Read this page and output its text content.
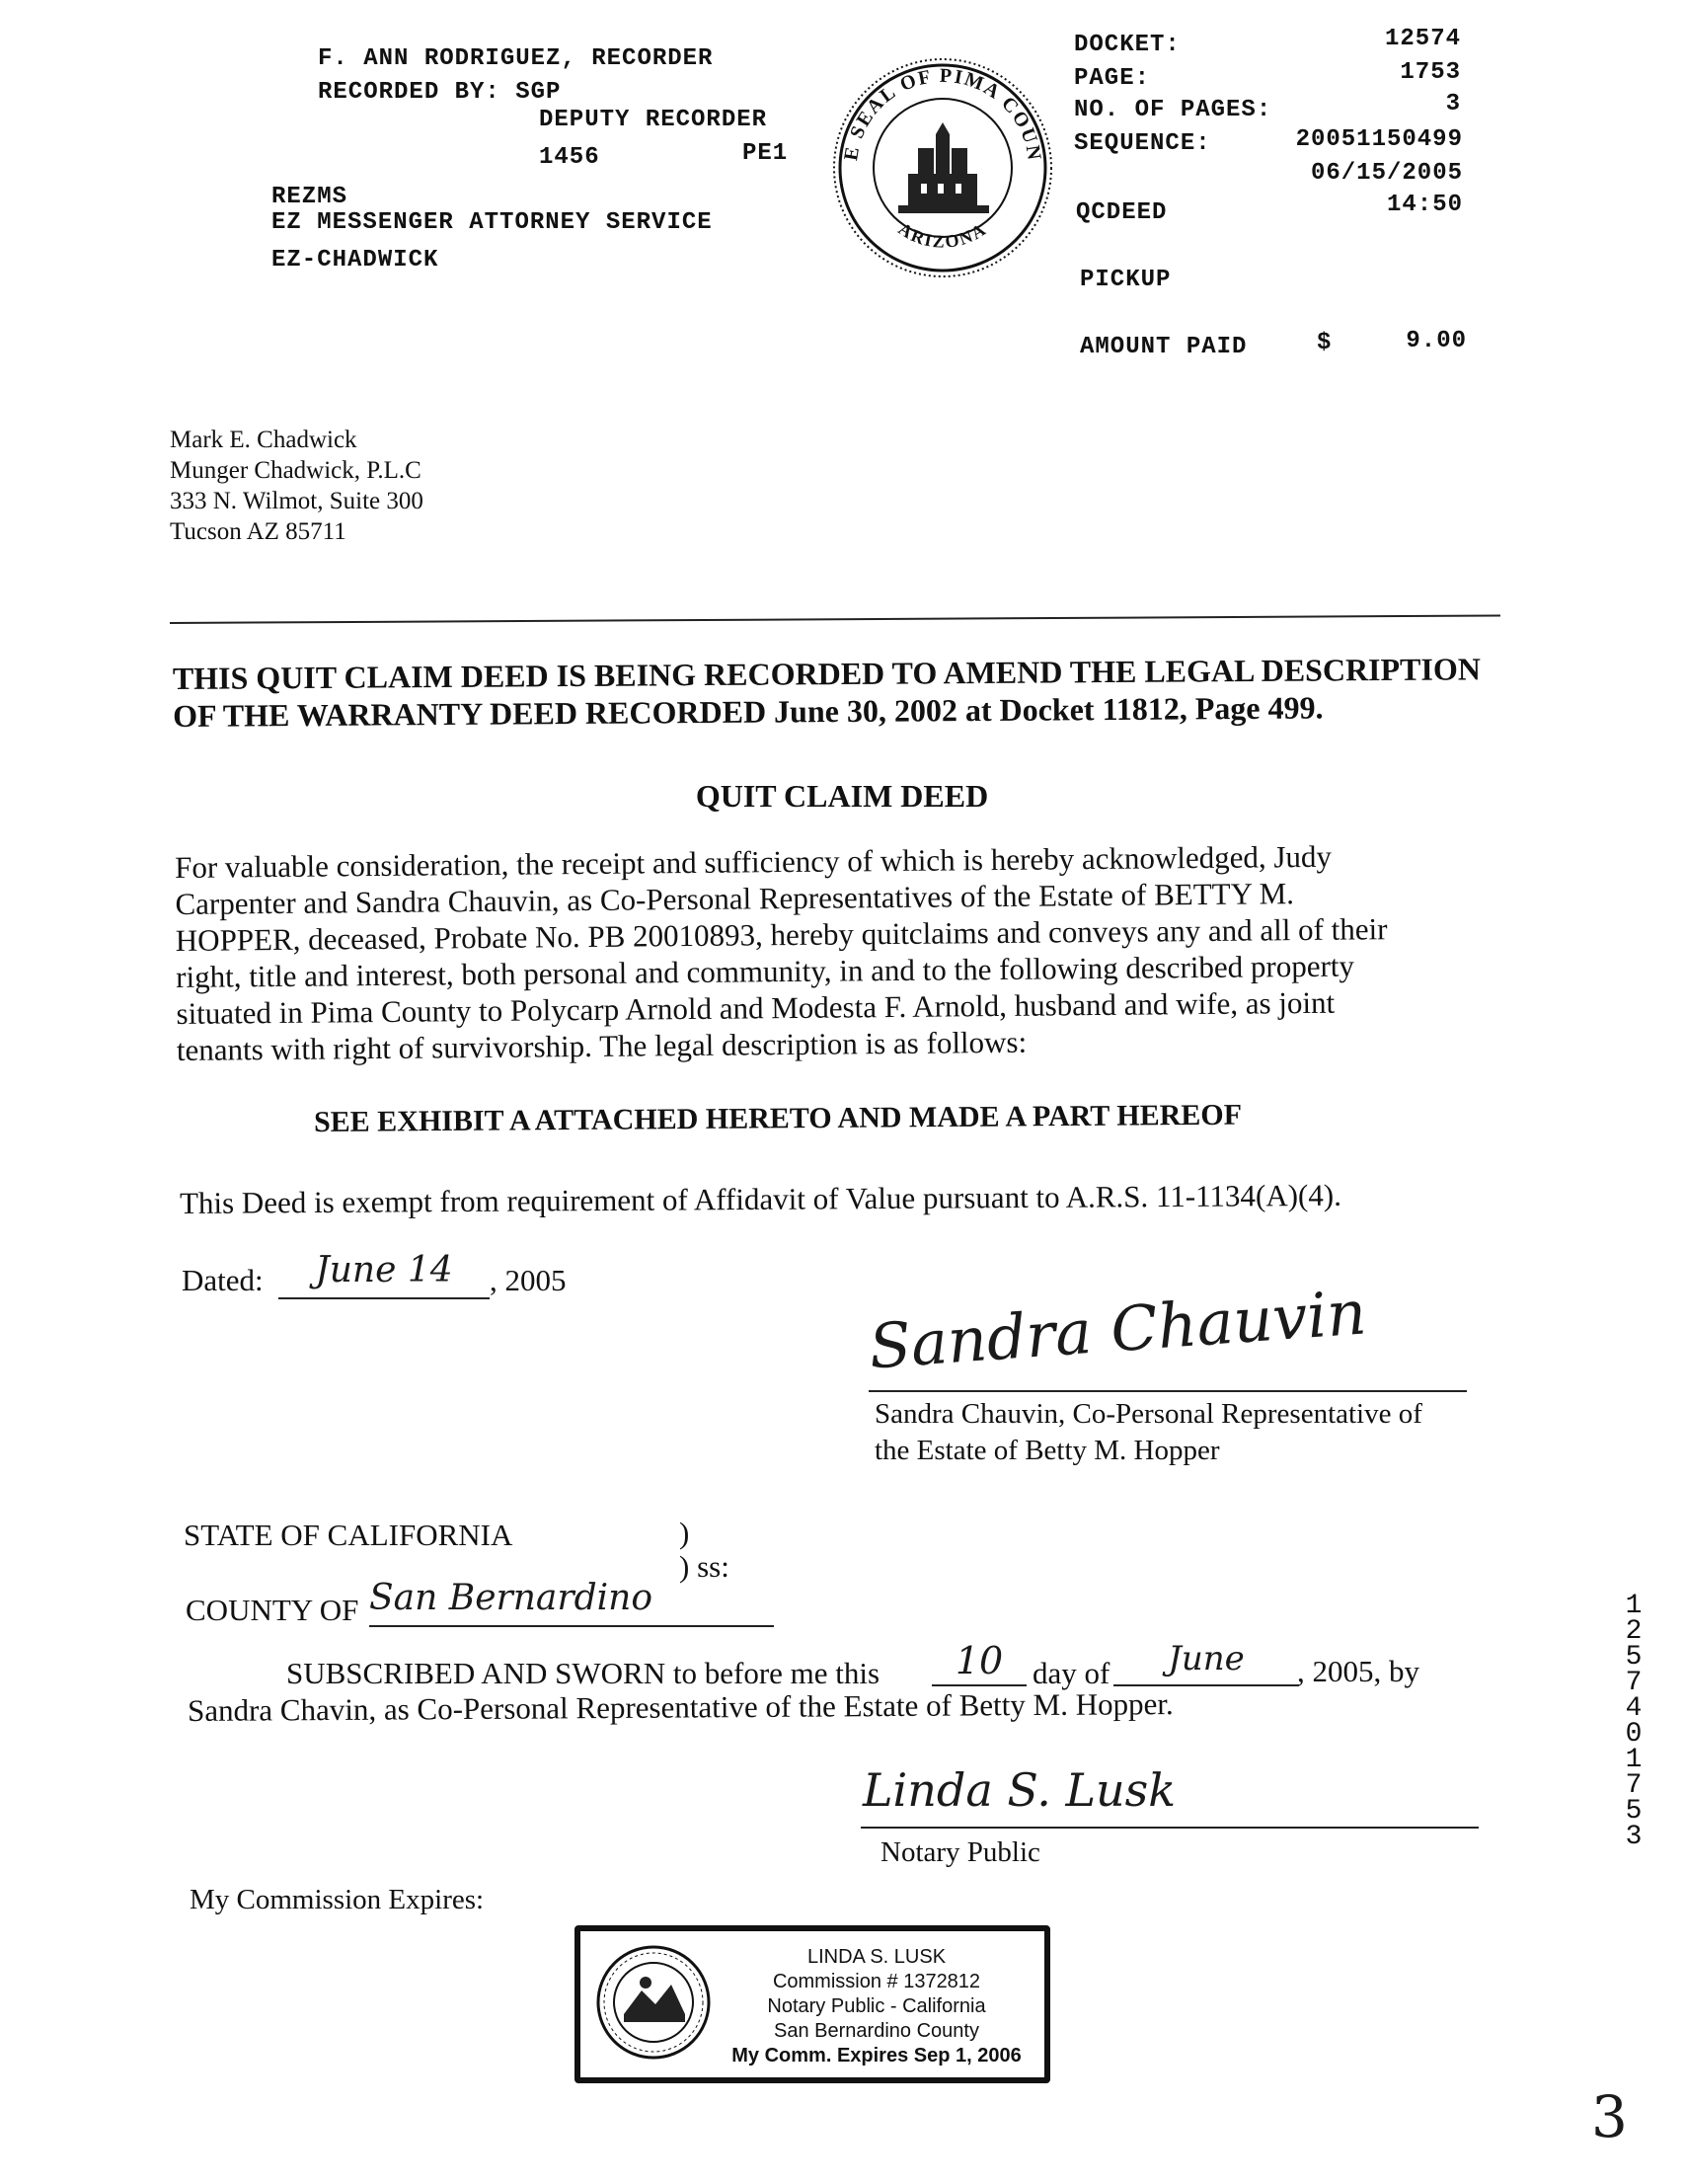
F. ANN RODRIGUEZ, RECORDER
RECORDED BY: SGP
DEPUTY RECORDER
1456	PE1
REZMS
EZ MESSENGER ATTORNEY SERVICE
EZ-CHADWICK
E SEAL OF PIMA COUN
ARIZONA
DOCKET:	12574
PAGE:	1753
NO. OF PAGES:	3
SEQUENCE:	20051150499
06/15/2005
QCDEED	14:50
PICKUP
AMOUNT PAID	$	9.00
Mark E. Chadwick
Munger Chadwick, P.L.C
333 N. Wilmot, Suite 300
Tucson AZ 85711
THIS QUIT CLAIM DEED IS BEING RECORDED TO AMEND THE LEGAL DESCRIPTION
OF THE WARRANTY DEED RECORDED June 30, 2002 at Docket 11812, Page 499.
QUIT CLAIM DEED
For valuable consideration, the receipt and sufficiency of which is hereby acknowledged, Judy
Carpenter and Sandra Chauvin, as Co-Personal Representatives of the Estate of BETTY M.
HOPPER, deceased, Probate No. PB 20010893, hereby quitclaims and conveys any and all of their
right, title and interest, both personal and community, in and to the following described property
situated in Pima County to Polycarp Arnold and Modesta F. Arnold, husband and wife, as joint
tenants with right of survivorship. The legal description is as follows:
SEE EXHIBIT A ATTACHED HERETO AND MADE A PART HEREOF
This Deed is exempt from requirement of Affidavit of Value pursuant to A.R.S. 11-1134(A)(4).
Dated:	June 14	, 2005	Sandra Chauvin
Sandra Chauvin, Co-Personal Representative of
the Estate of Betty M. Hopper
STATE OF CALIFORNIA	)
) ss:
COUNTY OF San Bernardino
SUBSCRIBED AND SWORN to before me this	10 day of	June	, 2005, by
Sandra Chavin, as Co-Personal Representative of the Estate of Betty M. Hopper.
Linda S. Lusk
Notary Public
My Commission Expires:
LINDA S. LUSK
Commission # 1372812
Notary Public - California
San Bernardino County
My Comm. Expires Sep 1, 2006
12574 01753
3
